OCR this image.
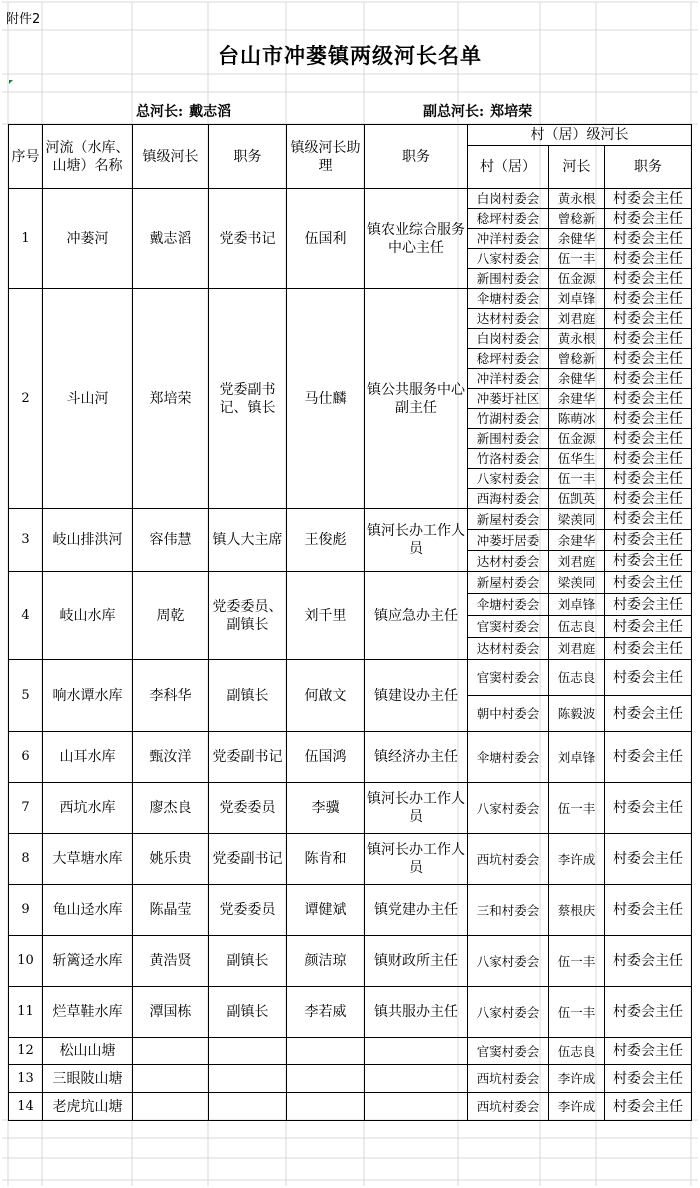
附件2
台山市冲蒌镇两级河长名单
总河长: 戴志滔	副总河长: 郑培荣
序号	河流（水库、山塘）名称	镇级河长	职务	镇级河长助理	职务	村（居）级河长		
						村（居）	河长	职务
1	冲蒌河	戴志滔	党委书记	伍国利	镇农业综合服务中心主任	白岗村委会	黄永根	村委会主任
						稔坪村委会	曾稔新	村委会主任
						冲洋村委会	余健华	村委会主任
						八家村委会	伍一丰	村委会主任
						新围村委会	伍金源	村委会主任
2	斗山河	郑培荣	党委副书记、镇长	马仕麟	镇公共服务中心副主任	伞塘村委会	刘卓锋	村委会主任
						达材村委会	刘君庭	村委会主任
						白岗村委会	黄永根	村委会主任
						稔坪村委会	曾稔新	村委会主任
						冲洋村委会	余健华	村委会主任
						冲蒌圩社区	余建华	村委会主任
						竹湖村委会	陈萌冰	村委会主任
						新围村委会	伍金源	村委会主任
						竹洛村委会	伍华生	村委会主任
						八家村委会	伍一丰	村委会主任
						西海村委会	伍凯英	村委会主任
3	岐山排洪河	容伟慧	镇人大主席	王俊彪	镇河长办工作人员	新屋村委会	梁羡同	村委会主任
						冲蒌圩居委	余建华	村委会主任
						达材村委会	刘君庭	村委会主任
4	岐山水库	周乾	党委委员、副镇长	刘千里	镇应急办主任	新屋村委会	梁羡同	村委会主任
						伞塘村委会	刘卓锋	村委会主任
						官窦村委会	伍志良	村委会主任
						达材村委会	刘君庭	村委会主任
5	响水谭水库	李科华	副镇长	何啟文	镇建设办主任	官窦村委会	伍志良	村委会主任
						朝中村委会	陈毅波	村委会主任
6	山耳水库	甄汝洋	党委副书记	伍国鸿	镇经济办主任	伞塘村委会	刘卓锋	村委会主任
7	西坑水库	廖杰良	党委委员	李骥	镇河长办工作人员	八家村委会	伍一丰	村委会主任
8	大草塘水库	姚乐贵	党委副书记	陈肯和	镇河长办工作人员	西坑村委会	李许成	村委会主任
9	龟山迳水库	陈晶莹	党委委员	谭健斌	镇党建办主任	三和村委会	蔡根庆	村委会主任
10	斩篱迳水库	黄浩贤	副镇长	颜洁琼	镇财政所主任	八家村委会	伍一丰	村委会主任
11	烂草鞋水库	潭国栋	副镇长	李若威	镇共服办主任	八家村委会	伍一丰	村委会主任
12	松山山塘					官窦村委会	伍志良	村委会主任
13	三眼陂山塘					西坑村委会	李许成	村委会主任
14	老虎坑山塘					西坑村委会	李许成	村委会主任
